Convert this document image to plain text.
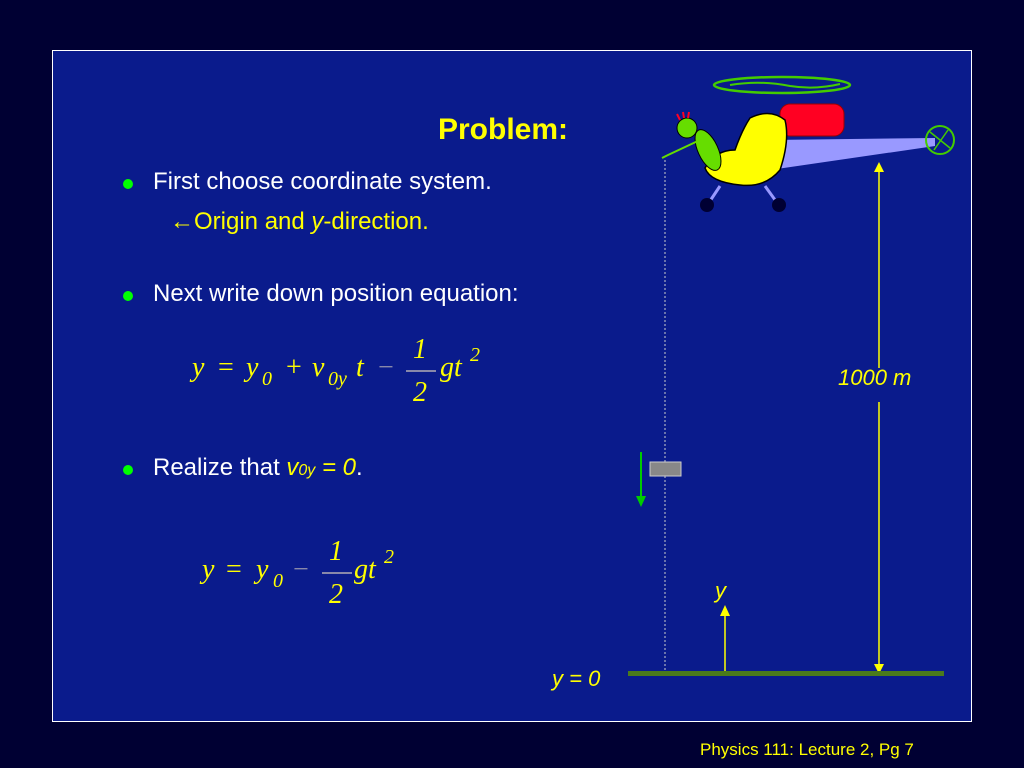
Problem:
First choose coordinate system.
←Origin and y-direction.
Next write down position equation:
y = y 0 + v 0y t −
1
2
gt 2
Realize that v0y = 0.
y = y 0 −
1
2
gt 2
1000 m
y
y = 0
Physics 111: Lecture 2, Pg 7
